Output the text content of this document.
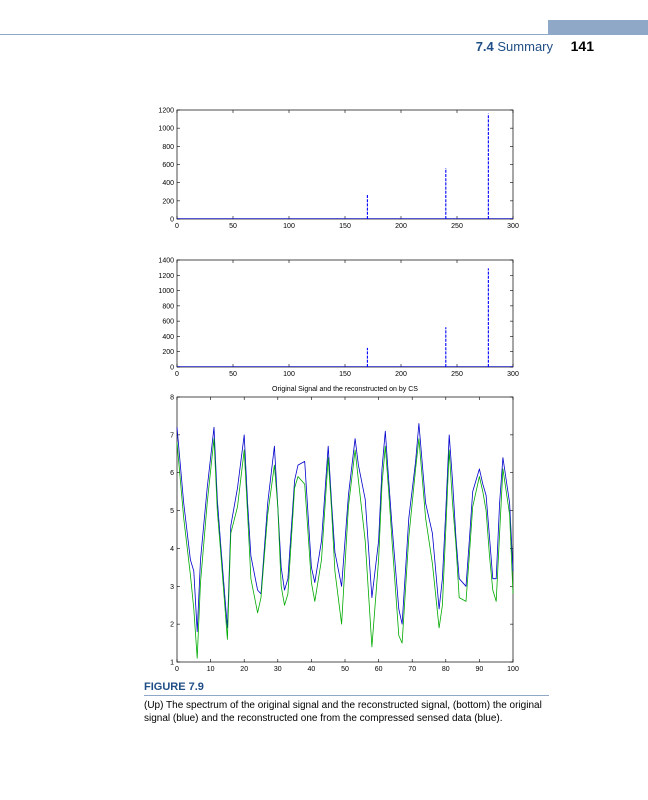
7.4 Summary 141
0	50	100	150	200	250	300
0
200
400
600
800
1000
1200
0	50	100	150	200	250	300
0
200
400
600
800
1000
1200
1400
Original Signal and the reconstructed on by CS
0	10	20	30	40	50	60	70	80	90	100
1
2
3
4
5
6
7
8
FIGURE 7.9
(Up) The spectrum of the original signal and the reconstructed signal, (bottom) the original signal (blue) and the reconstructed one from the compressed sensed data (blue).
